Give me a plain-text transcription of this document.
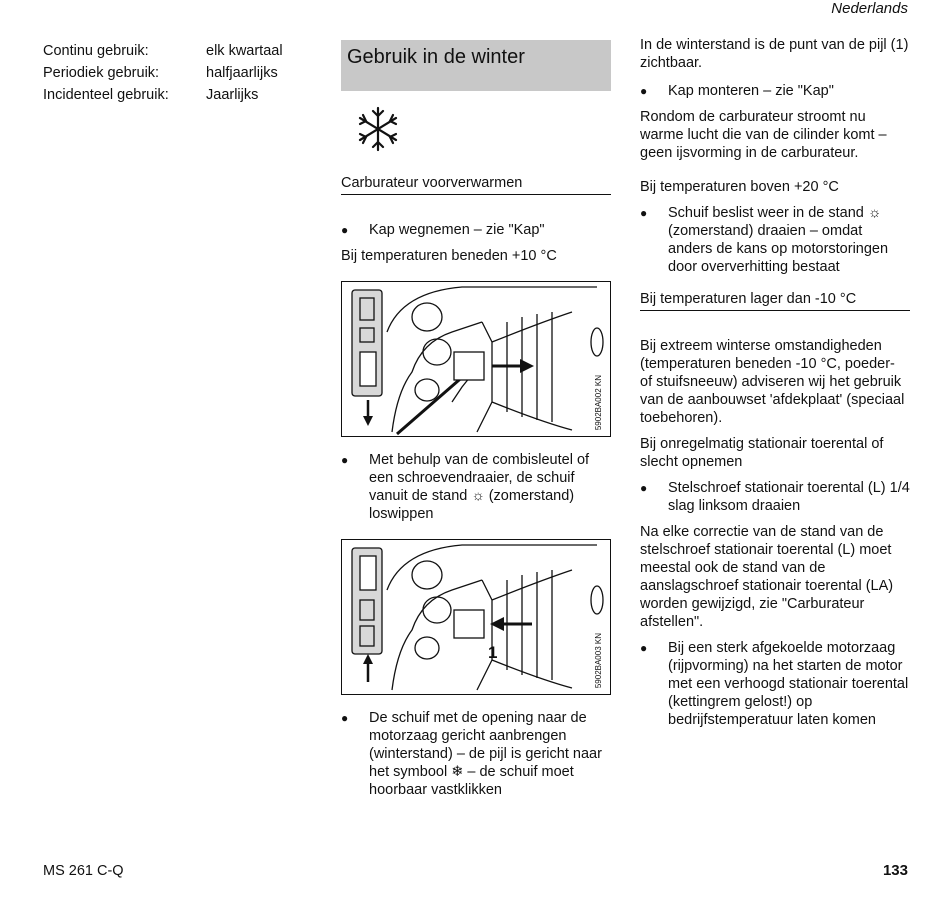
Nederlands
Continu gebruik:	elk kwartaal
Periodiek gebruik:	halfjaarlijks
Incidenteel gebruik:	Jaarlijks
Gebruik in de winter
Carburateur voorverwarmen
●	Kap wegnemen – zie "Kap"

Bij temperaturen beneden +10 °C

5902BA002 KN
●	Met behulp van de combisleutel of een schroevendraaier, de schuif vanuit de stand ☼ (zomerstand) loswippen
1	5902BA003 KN
●	De schuif met de opening naar de motorzaag gericht aanbrengen (winterstand) – de pijl is gericht naar het symbool ❄ – de schuif moet hoorbaar vastklikken

In de winterstand is de punt van de pijl (1) zichtbaar.

●	Kap monteren – zie "Kap"

Rondom de carburateur stroomt nu warme lucht die van de cilinder komt – geen ijsvorming in de carburateur.

Bij temperaturen boven +20 °C

●	Schuif beslist weer in de stand ☼ (zomerstand) draaien – omdat anders de kans op motorstoringen door oververhitting bestaat
Bij temperaturen lager dan -10 °C

Bij extreem winterse omstandigheden (temperaturen beneden -10 °C, poeder- of stuifsneeuw) adviseren wij het gebruik van de aanbouwset 'afdekplaat' (speciaal toebehoren).

Bij onregelmatig stationair toerental of slecht opnemen

●	Stelschroef stationair toerental (L) 1/4 slag linksom draaien

Na elke correctie van de stand van de stelschroef stationair toerental (L) moet meestal ook de stand van de aanslagschroef stationair toerental (LA) worden gewijzigd, zie "Carburateur afstellen".

●	Bij een sterk afgekoelde motorzaag (rijpvorming) na het starten de motor met een verhoogd stationair toerental (kettingrem gelost!) op bedrijfstemperatuur laten komen
MS 261 C-Q	133
